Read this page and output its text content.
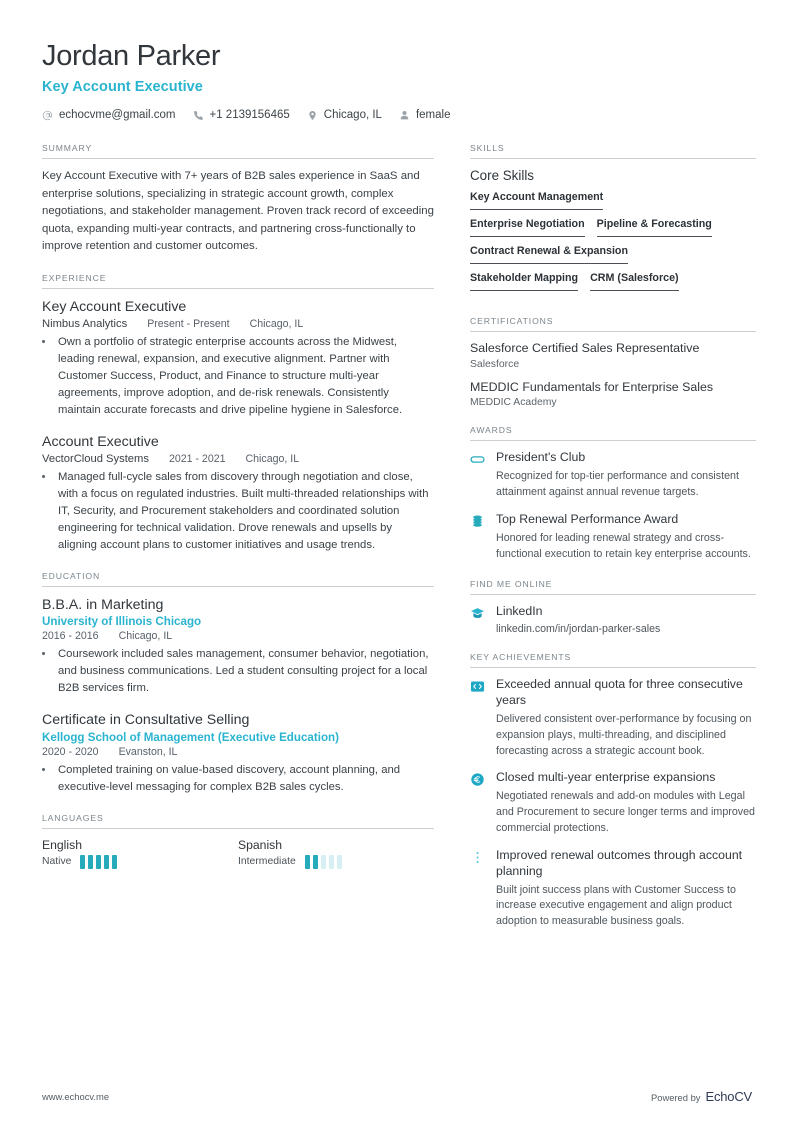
Jordan Parker
Key Account Executive
echocvme@gmail.com	+1 2139156465	Chicago, IL	female
SUMMARY
Key Account Executive with 7+ years of B2B sales experience in SaaS and enterprise solutions, specializing in strategic account growth, complex negotiations, and stakeholder management. Proven track record of exceeding quota, expanding multi-year contracts, and partnering cross-functionally to improve retention and customer outcomes.
EXPERIENCE
Key Account Executive
Nimbus Analytics Present - Present Chicago, IL
• Own a portfolio of strategic enterprise accounts across the Midwest, leading renewal, expansion, and executive alignment. Partner with Customer Success, Product, and Finance to structure multi-year agreements, improve adoption, and de-risk renewals. Consistently maintain accurate forecasts and drive pipeline hygiene in Salesforce.
Account Executive
VectorCloud Systems 2021 - 2021 Chicago, IL
• Managed full-cycle sales from discovery through negotiation and close, with a focus on regulated industries. Built multi-threaded relationships with IT, Security, and Procurement stakeholders and coordinated solution engineering for technical validation. Drove renewals and upsells by aligning account plans to customer initiatives and usage trends.
EDUCATION
B.B.A. in Marketing
University of Illinois Chicago
2016 - 2016 Chicago, IL
• Coursework included sales management, consumer behavior, negotiation, and business communications. Led a student consulting project for a local B2B services firm.
Certificate in Consultative Selling
Kellogg School of Management (Executive Education)
2020 - 2020 Evanston, IL
• Completed training on value-based discovery, account planning, and executive-level messaging for complex B2B sales cycles.
LANGUAGES
English
Native
Spanish
Intermediate
SKILLS
Core Skills
Key Account Management
Enterprise Negotiation Pipeline & Forecasting
Contract Renewal & Expansion
Stakeholder Mapping CRM (Salesforce)
CERTIFICATIONS
Salesforce Certified Sales Representative
Salesforce
MEDDIC Fundamentals for Enterprise Sales
MEDDIC Academy
AWARDS
President's Club
Recognized for top-tier performance and consistent attainment against annual revenue targets.
Top Renewal Performance Award
Honored for leading renewal strategy and cross-functional execution to retain key enterprise accounts.
FIND ME ONLINE
LinkedIn
linkedin.com/in/jordan-parker-sales
KEY ACHIEVEMENTS
Exceeded annual quota for three consecutive years
Delivered consistent over-performance by focusing on expansion plays, multi-threading, and disciplined forecasting across a strategic account book.
Closed multi-year enterprise expansions
Negotiated renewals and add-on modules with Legal and Procurement to secure longer terms and improved commercial protections.
Improved renewal outcomes through account planning
Built joint success plans with Customer Success to increase executive engagement and align product adoption to measurable business goals.
www.echocv.me	Powered by EchoCV
